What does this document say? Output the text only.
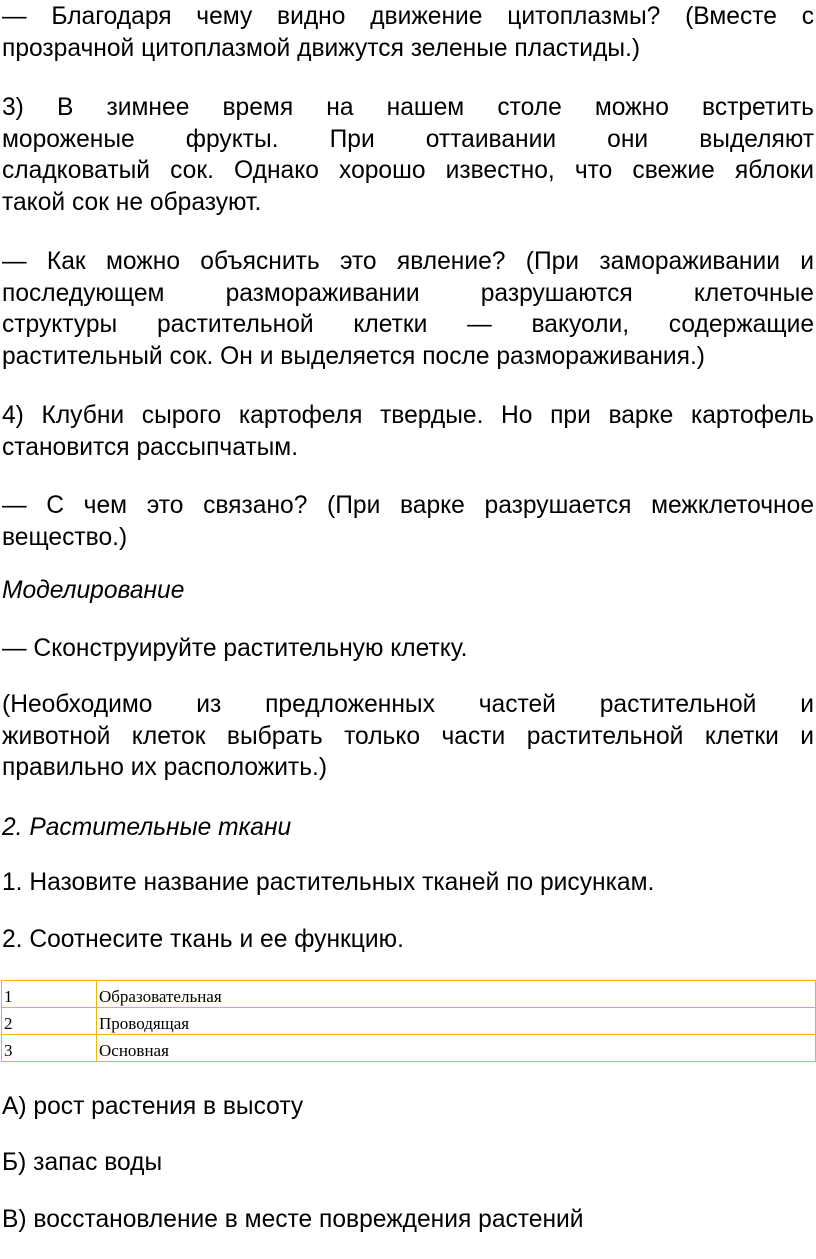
— Благодаря чему видно движение цитоплазмы? (Вместе с
прозрачной цитоплазмой движутся зеленые пластиды.)

3) В зимнее время на нашем столе можно встретить
мороженые фрукты. При оттаивании они выделяют
сладковатый сок. Однако хорошо известно, что свежие яблоки
такой сок не образуют.

— Как можно объяснить это явление? (При замораживании и
последующем размораживании разрушаются клеточные
структуры растительной клетки — вакуоли, содержащие
растительный сок. Он и выделяется после размораживания.)

4) Клубни сырого картофеля твердые. Но при варке картофель
становится рассыпчатым.

— С чем это связано? (При варке разрушается межклеточное
вещество.)

Моделирование

— Сконструируйте растительную клетку.

(Необходимо из предложенных частей растительной и
животной клеток выбрать только части растительной клетки и
правильно их расположить.)

2. Растительные ткани

1. Назовите название растительных тканей по рисункам.

2. Соотнесите ткань и ее функцию.

1	Образовательная
2	Проводящая
3	Основная

А) рост растения в высоту

Б) запас воды

В) восстановление в месте повреждения растений
